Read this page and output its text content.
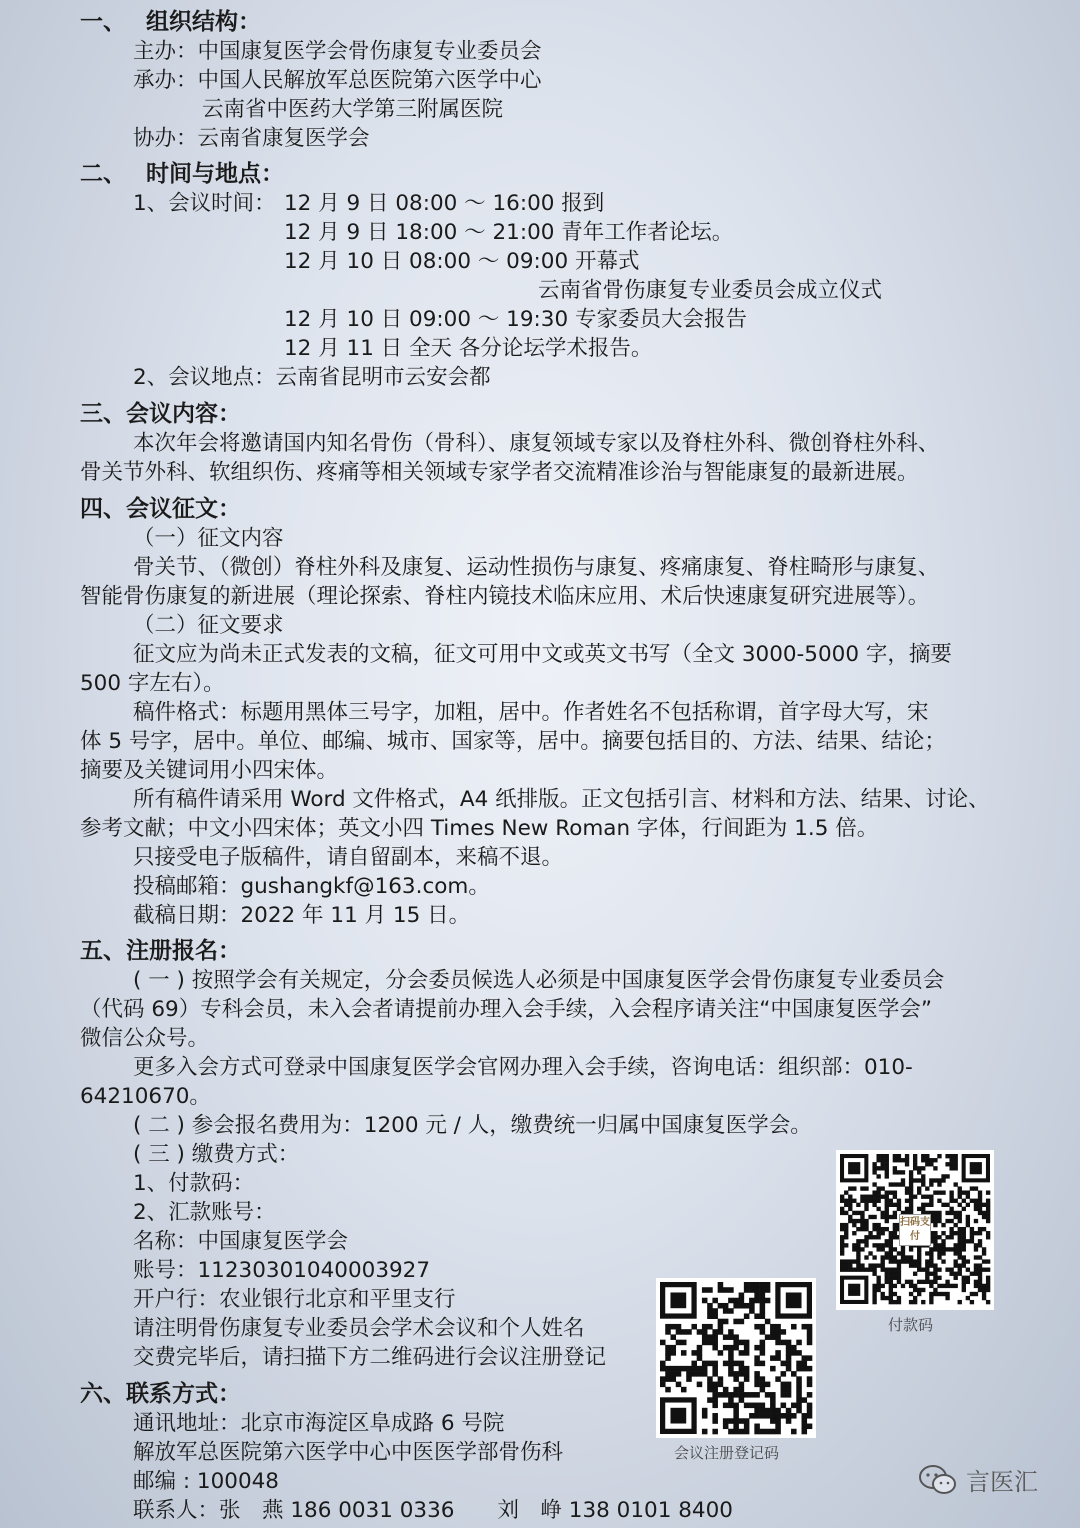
一、 组织结构：
主办：中国康复医学会骨伤康复专业委员会
承办：中国人民解放军总医院第六医学中心
云南省中医药大学第三附属医院
协办：云南省康复医学会
二、 时间与地点：
1、会议时间： 12 月 9 日 08:00 〜 16:00 报到
12 月 9 日 18:00 〜 21:00 青年工作者论坛。
12 月 10 日 08:00 〜 09:00 开幕式
云南省骨伤康复专业委员会成立仪式
12 月 10 日 09:00 〜 19:30 专家委员大会报告
12 月 11 日 全天 各分论坛学术报告。
2、会议地点：云南省昆明市云安会都
三、会议内容：
本次年会将邀请国内知名骨伤（骨科）、康复领域专家以及脊柱外科、微创脊柱外科、
骨关节外科、软组织伤、疼痛等相关领域专家学者交流精准诊治与智能康复的最新进展。
四、会议征文：
（一）征文内容
骨关节、（微创）脊柱外科及康复、运动性损伤与康复、疼痛康复、脊柱畸形与康复、
智能骨伤康复的新进展（理论探索、脊柱内镜技术临床应用、术后快速康复研究进展等）。
（二）征文要求
征文应为尚未正式发表的文稿，征文可用中文或英文书写（全文 3000-5000 字，摘要
500 字左右）。
稿件格式：标题用黑体三号字，加粗，居中。作者姓名不包括称谓，首字母大写，宋
体 5 号字，居中。单位、邮编、城市、国家等，居中。摘要包括目的、方法、结果、结论；
摘要及关键词用小四宋体。
所有稿件请采用 Word 文件格式，A4 纸排版。正文包括引言、材料和方法、结果、讨论、
参考文献；中文小四宋体；英文小四 Times New Roman 字体，行间距为 1.5 倍。
只接受电子版稿件，请自留副本，来稿不退。
投稿邮箱：gushangkf@163.com。
截稿日期：2022 年 11 月 15 日。
五、注册报名：
( 一 ) 按照学会有关规定，分会委员候选人必须是中国康复医学会骨伤康复专业委员会
（代码 69）专科会员，未入会者请提前办理入会手续，入会程序请关注“中国康复医学会”
微信公众号。
更多入会方式可登录中国康复医学会官网办理入会手续，咨询电话：组织部：010-
64210670。
( 二 ) 参会报名费用为：1200 元 / 人，缴费统一归属中国康复医学会。
( 三 ) 缴费方式：
1、付款码：
2、汇款账号：
名称：中国康复医学会
账号：11230301040003927
开户行：农业银行北京和平里支行
请注明骨伤康复专业委员会学术会议和个人姓名
交费完毕后，请扫描下方二维码进行会议注册登记
六、联系方式：
通讯地址：北京市海淀区阜成路 6 号院
解放军总医院第六医学中心中医医学部骨伤科
邮编 : 100048
联系人：张　燕 186 0031 0336　　刘　峥 138 0101 8400
扫码支付
付款码
会议注册登记码
言医汇
